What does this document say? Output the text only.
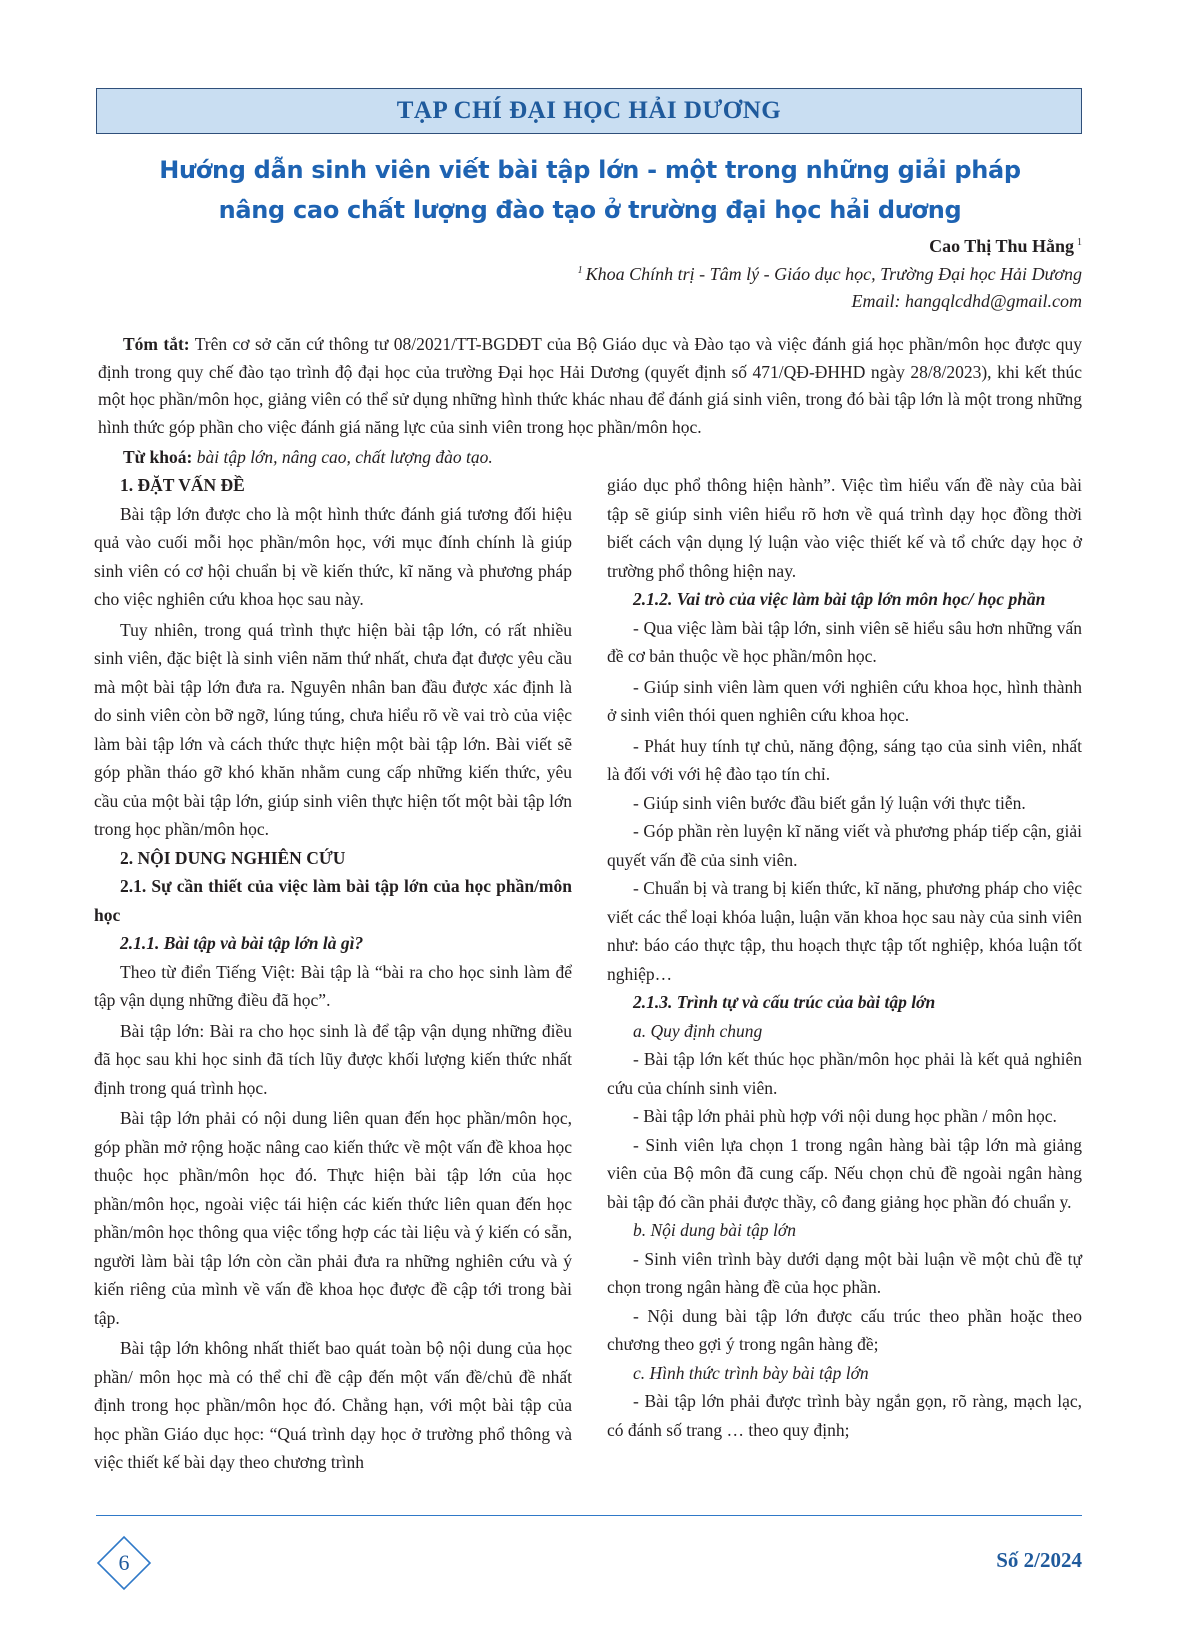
TẠP CHÍ ĐẠI HỌC HẢI DƯƠNG
Hướng dẫn sinh viên viết bài tập lớn - một trong những giải pháp
nâng cao chất lượng đào tạo ở trường đại học hải dương
Cao Thị Thu Hằng $^1$
$^1$ Khoa Chính trị - Tâm lý - Giáo dục học, Trường Đại học Hải Dương
Email: hangqlcdhd@gmail.com

Tóm tắt: Trên cơ sở căn cứ thông tư 08/2021/TT-BGDĐT của Bộ Giáo dục và Đào tạo và việc đánh giá học phần/môn học được quy định trong quy chế đào tạo trình độ đại học của trường Đại học Hải Dương (quyết định số 471/QĐ-ĐHHD ngày 28/8/2023), khi kết thúc một học phần/môn học, giảng viên có thể sử dụng những hình thức khác nhau để đánh giá sinh viên, trong đó bài tập lớn là một trong những hình thức góp phần cho việc đánh giá năng lực của sinh viên trong học phần/môn học.

Từ khoá: bài tập lớn, nâng cao, chất lượng đào tạo.

1. ĐẶT VẤN ĐỀ

Bài tập lớn được cho là một hình thức đánh giá tương đối hiệu quả vào cuối mỗi học phần/môn học, với mục đính chính là giúp sinh viên có cơ hội chuẩn bị về kiến thức, kĩ năng và phương pháp cho việc nghiên cứu khoa học sau này.

Tuy nhiên, trong quá trình thực hiện bài tập lớn, có rất nhiều sinh viên, đặc biệt là sinh viên năm thứ nhất, chưa đạt được yêu cầu mà một bài tập lớn đưa ra. Nguyên nhân ban đầu được xác định là do sinh viên còn bỡ ngỡ, lúng túng, chưa hiểu rõ về vai trò của việc làm bài tập lớn và cách thức thực hiện một bài tập lớn. Bài viết sẽ góp phần tháo gỡ khó khăn nhằm cung cấp những kiến thức, yêu cầu của một bài tập lớn, giúp sinh viên thực hiện tốt một bài tập lớn trong học phần/môn học.

2. NỘI DUNG NGHIÊN CỨU

2.1. Sự cần thiết của việc làm bài tập lớn của học phần/môn học

2.1.1. Bài tập và bài tập lớn là gì?

Theo từ điển Tiếng Việt: Bài tập là “bài ra cho học sinh làm để tập vận dụng những điều đã học”.

Bài tập lớn: Bài ra cho học sinh là để tập vận dụng những điều đã học sau khi học sinh đã tích lũy được khối lượng kiến thức nhất định trong quá trình học.

Bài tập lớn phải có nội dung liên quan đến học phần/môn học, góp phần mở rộng hoặc nâng cao kiến thức về một vấn đề khoa học thuộc học phần/môn học đó. Thực hiện bài tập lớn của học phần/môn học, ngoài việc tái hiện các kiến thức liên quan đến học phần/môn học thông qua việc tổng hợp các tài liệu và ý kiến có sẵn, người làm bài tập lớn còn cần phải đưa ra những nghiên cứu và ý kiến riêng của mình về vấn đề khoa học được đề cập tới trong bài tập.

Bài tập lớn không nhất thiết bao quát toàn bộ nội dung của học phần/ môn học mà có thể chỉ đề cập đến một vấn đề/chủ đề nhất định trong học phần/môn học đó. Chẳng hạn, với một bài tập của học phần Giáo dục học: “Quá trình dạy học ở trường phổ thông và việc thiết kế bài dạy theo chương trình

giáo dục phổ thông hiện hành”. Việc tìm hiểu vấn đề này của bài tập sẽ giúp sinh viên hiểu rõ hơn về quá trình dạy học đồng thời biết cách vận dụng lý luận vào việc thiết kế và tổ chức dạy học ở trường phổ thông hiện nay.

2.1.2. Vai trò của việc làm bài tập lớn môn học/ học phần

- Qua việc làm bài tập lớn, sinh viên sẽ hiểu sâu hơn những vấn đề cơ bản thuộc về học phần/môn học.

- Giúp sinh viên làm quen với nghiên cứu khoa học, hình thành ở sinh viên thói quen nghiên cứu khoa học.

- Phát huy tính tự chủ, năng động, sáng tạo của sinh viên, nhất là đối với với hệ đào tạo tín chỉ.

- Giúp sinh viên bước đầu biết gắn lý luận với thực tiễn.

- Góp phần rèn luyện kĩ năng viết và phương pháp tiếp cận, giải quyết vấn đề của sinh viên.

- Chuẩn bị và trang bị kiến thức, kĩ năng, phương pháp cho việc viết các thể loại khóa luận, luận văn khoa học sau này của sinh viên như: báo cáo thực tập, thu hoạch thực tập tốt nghiệp, khóa luận tốt nghiệp…

2.1.3. Trình tự và cấu trúc của bài tập lớn

a. Quy định chung

- Bài tập lớn kết thúc học phần/môn học phải là kết quả nghiên cứu của chính sinh viên.

- Bài tập lớn phải phù hợp với nội dung học phần / môn học.

- Sinh viên lựa chọn 1 trong ngân hàng bài tập lớn mà giảng viên của Bộ môn đã cung cấp. Nếu chọn chủ đề ngoài ngân hàng bài tập đó cần phải được thầy, cô đang giảng học phần đó chuẩn y.

b. Nội dung bài tập lớn

- Sinh viên trình bày dưới dạng một bài luận về một chủ đề tự chọn trong ngân hàng đề của học phần.

- Nội dung bài tập lớn được cấu trúc theo phần hoặc theo chương theo gợi ý trong ngân hàng đề;

c. Hình thức trình bày bài tập lớn

- Bài tập lớn phải được trình bày ngắn gọn, rõ ràng, mạch lạc, có đánh số trang … theo quy định;

6	Số 2/2024
